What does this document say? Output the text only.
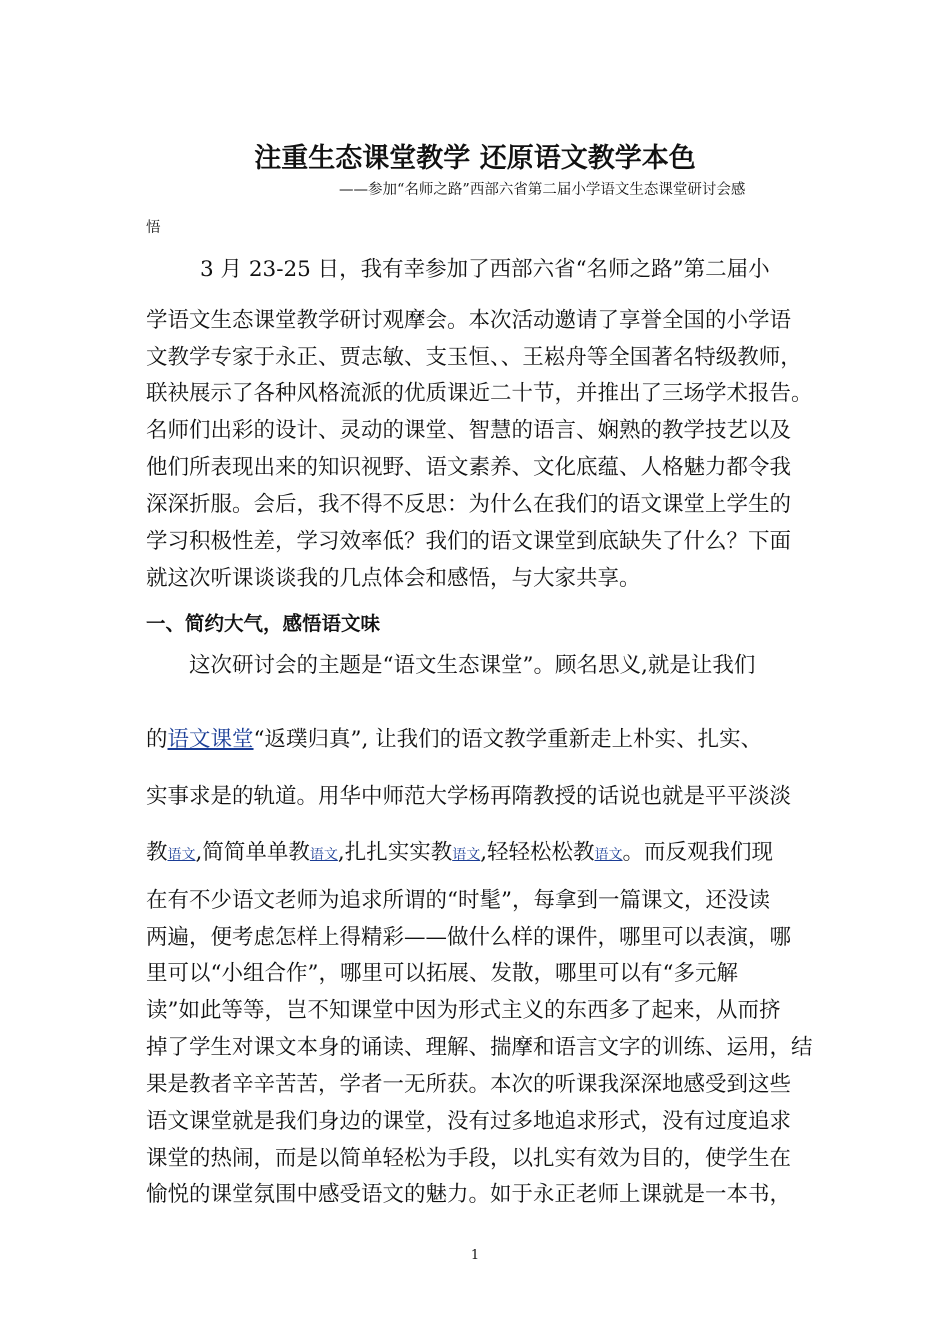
注重生态课堂教学 还原语文教学本色
——参加“名师之路”西部六省第二届小学语文生态课堂研讨会感
悟
3 月 23-25 日，我有幸参加了西部六省“名师之路”第二届小
学语文生态课堂教学研讨观摩会。本次活动邀请了享誉全国的小学语
文教学专家于永正、贾志敏、支玉恒、、王崧舟等全国著名特级教师，
联袂展示了各种风格流派的优质课近二十节，并推出了三场学术报告。
名师们出彩的设计、灵动的课堂、智慧的语言、娴熟的教学技艺以及
他们所表现出来的知识视野、语文素养、文化底蕴、人格魅力都令我
深深折服。会后，我不得不反思：为什么在我们的语文课堂上学生的
学习积极性差，学习效率低？我们的语文课堂到底缺失了什么？下面
就这次听课谈谈我的几点体会和感悟，与大家共享。
一、简约大气，感悟语文味
这次研讨会的主题是“语文生态课堂”。顾名思义,就是让我们
的语文课堂“返璞归真”, 让我们的语文教学重新走上朴实、扎实、
实事求是的轨道。用华中师范大学杨再隋教授的话说也就是平平淡淡
教语文,简简单单教语文,扎扎实实教语文,轻轻松松教语文。而反观我们现
在有不少语文老师为追求所谓的“时髦”，每拿到一篇课文，还没读
两遍，便考虑怎样上得精彩——做什么样的课件，哪里可以表演，哪
里可以“小组合作”，哪里可以拓展、发散，哪里可以有“多元解
读”如此等等，岂不知课堂中因为形式主义的东西多了起来，从而挤
掉了学生对课文本身的诵读、理解、揣摩和语言文字的训练、运用，结
果是教者辛辛苦苦，学者一无所获。本次的听课我深深地感受到这些
语文课堂就是我们身边的课堂，没有过多地追求形式，没有过度追求
课堂的热闹，而是以简单轻松为手段，以扎实有效为目的，使学生在
愉悦的课堂氛围中感受语文的魅力。如于永正老师上课就是一本书，
1
